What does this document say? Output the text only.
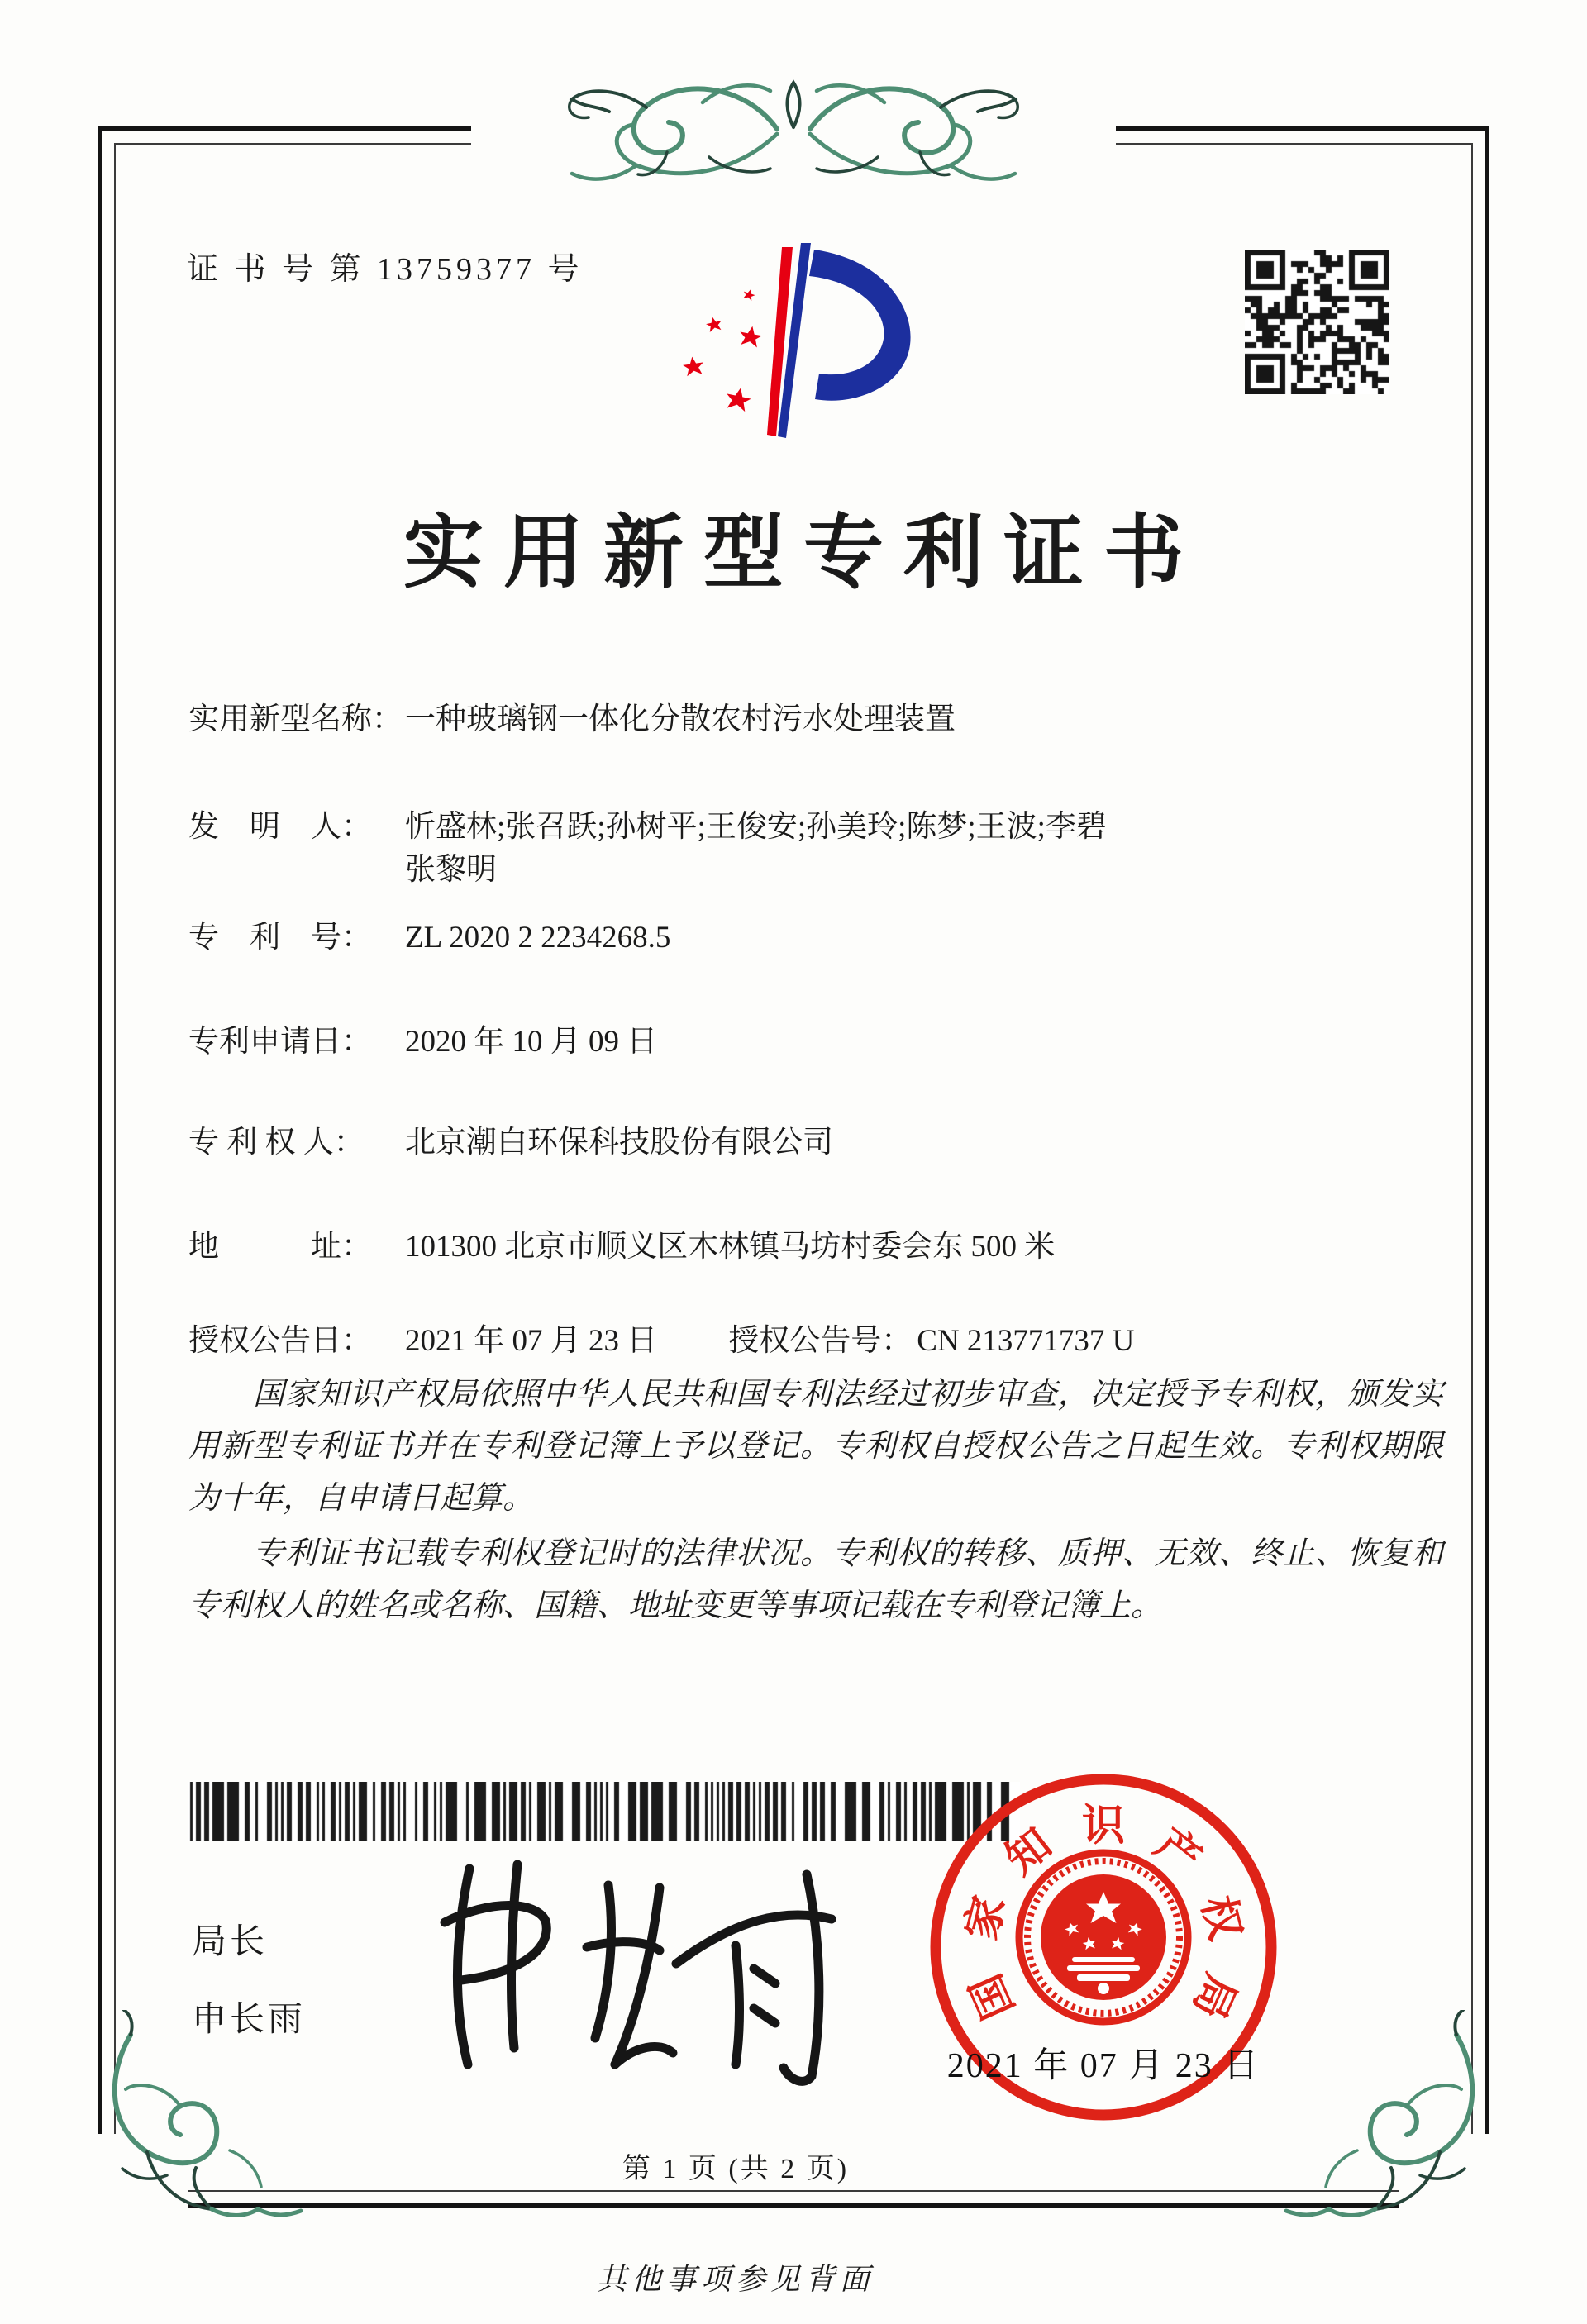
证 书 号 第 13759377 号
实用新型专利证书
实用新型名称： 一种玻璃钢一体化分散农村污水处理装置
发　明　人：	忻盛林;张召跃;孙树平;王俊安;孙美玲;陈梦;王波;李碧
张黎明
专　利　号：	ZL 2020 2 2234268.5
专利申请日：	2020 年 10 月 09 日
专 利 权 人：	北京潮白环保科技股份有限公司
地　　　址：	101300 北京市顺义区木林镇马坊村委会东 500 米
授权公告日：	2021 年 07 月 23 日 授权公告号： CN 213771737 U

国家知识产权局依照中华人民共和国专利法经过初步审查，决定授予专利权，颁发实用新型专利证书并在专利登记簿上予以登记。专利权自授权公告之日起生效。专利权期限为十年，自申请日起算。

专利证书记载专利权登记时的法律状况。专利权的转移、质押、无效、终止、恢复和专利权人的姓名或名称、国籍、地址变更等事项记载在专利登记簿上。

局长
申长雨	国
家
知 识 产
权
局
2021 年 07 月 23 日
第 1 页 (共 2 页)
其他事项参见背面
